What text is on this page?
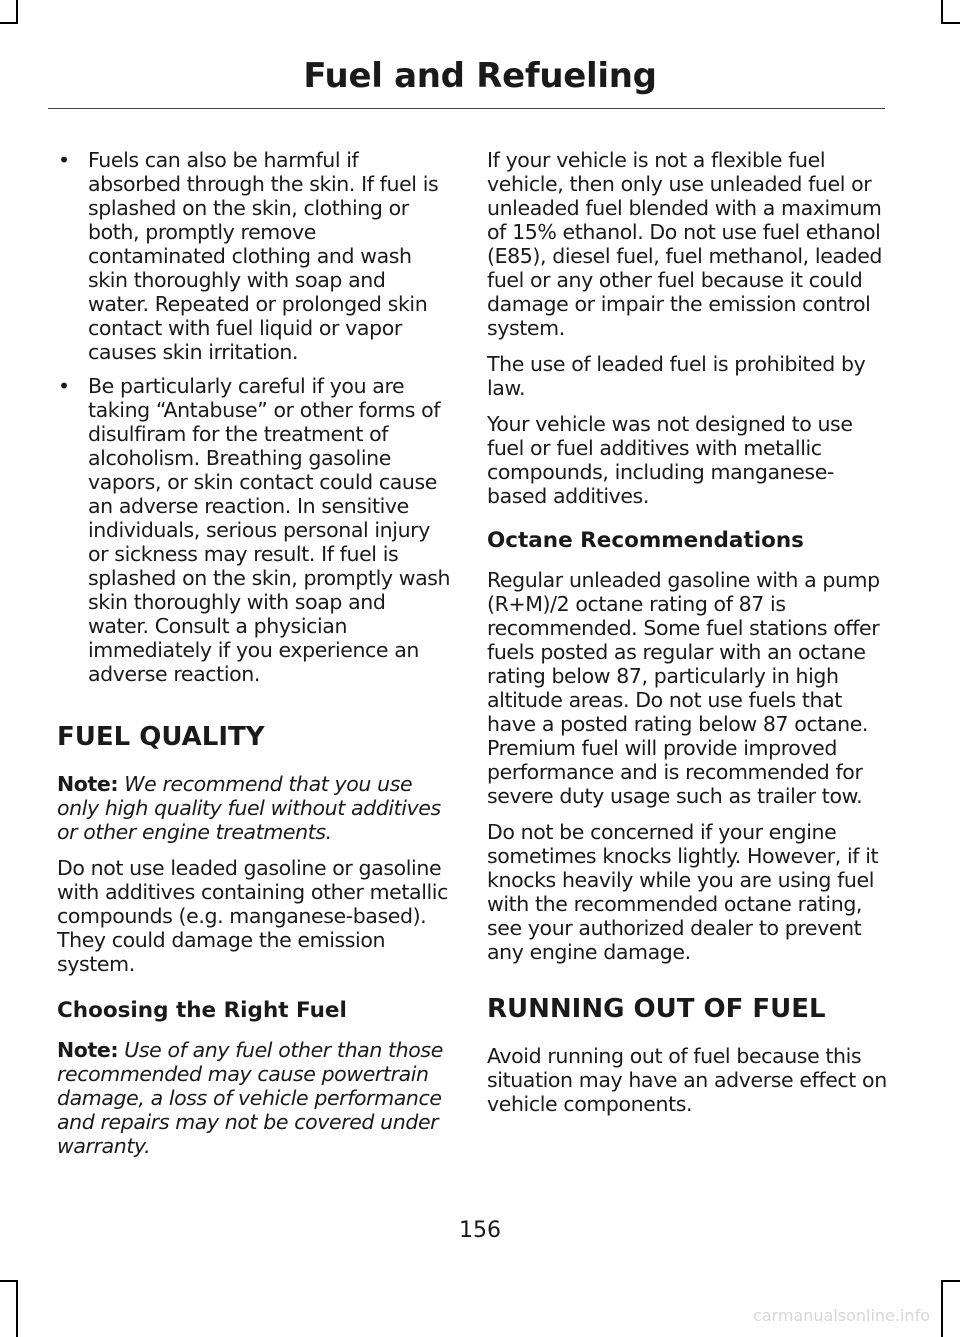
Fuel and Refueling
• Fuels can also be harmful if absorbed through the skin. If fuel is splashed on the skin, clothing or both, promptly remove contaminated clothing and wash skin thoroughly with soap and water. Repeated or prolonged skin contact with fuel liquid or vapor causes skin irritation.
• Be particularly careful if you are taking “Antabuse” or other forms of disulfiram for the treatment of alcoholism. Breathing gasoline vapors, or skin contact could cause an adverse reaction. In sensitive individuals, serious personal injury or sickness may result. If fuel is splashed on the skin, promptly wash skin thoroughly with soap and water. Consult a physician immediately if you experience an adverse reaction.
FUEL QUALITY

Note: We recommend that you use only high quality fuel without additives or other engine treatments.

Do not use leaded gasoline or gasoline with additives containing other metallic compounds (e.g. manganese-based). They could damage the emission system.

Choosing the Right Fuel

Note: Use of any fuel other than those recommended may cause powertrain damage, a loss of vehicle performance and repairs may not be covered under warranty.

If your vehicle is not a flexible fuel vehicle, then only use unleaded fuel or unleaded fuel blended with a maximum of 15% ethanol. Do not use fuel ethanol (E85), diesel fuel, fuel methanol, leaded fuel or any other fuel because it could damage or impair the emission control system.

The use of leaded fuel is prohibited by law.

Your vehicle was not designed to use fuel or fuel additives with metallic compounds, including manganese-based additives.

Octane Recommendations

Regular unleaded gasoline with a pump (R+M)/2 octane rating of 87 is recommended. Some fuel stations offer fuels posted as regular with an octane rating below 87, particularly in high altitude areas. Do not use fuels that have a posted rating below 87 octane. Premium fuel will provide improved performance and is recommended for severe duty usage such as trailer tow.

Do not be concerned if your engine sometimes knocks lightly. However, if it knocks heavily while you are using fuel with the recommended octane rating, see your authorized dealer to prevent any engine damage.

RUNNING OUT OF FUEL

Avoid running out of fuel because this situation may have an adverse effect on vehicle components.

156
carmanualsonline.info
